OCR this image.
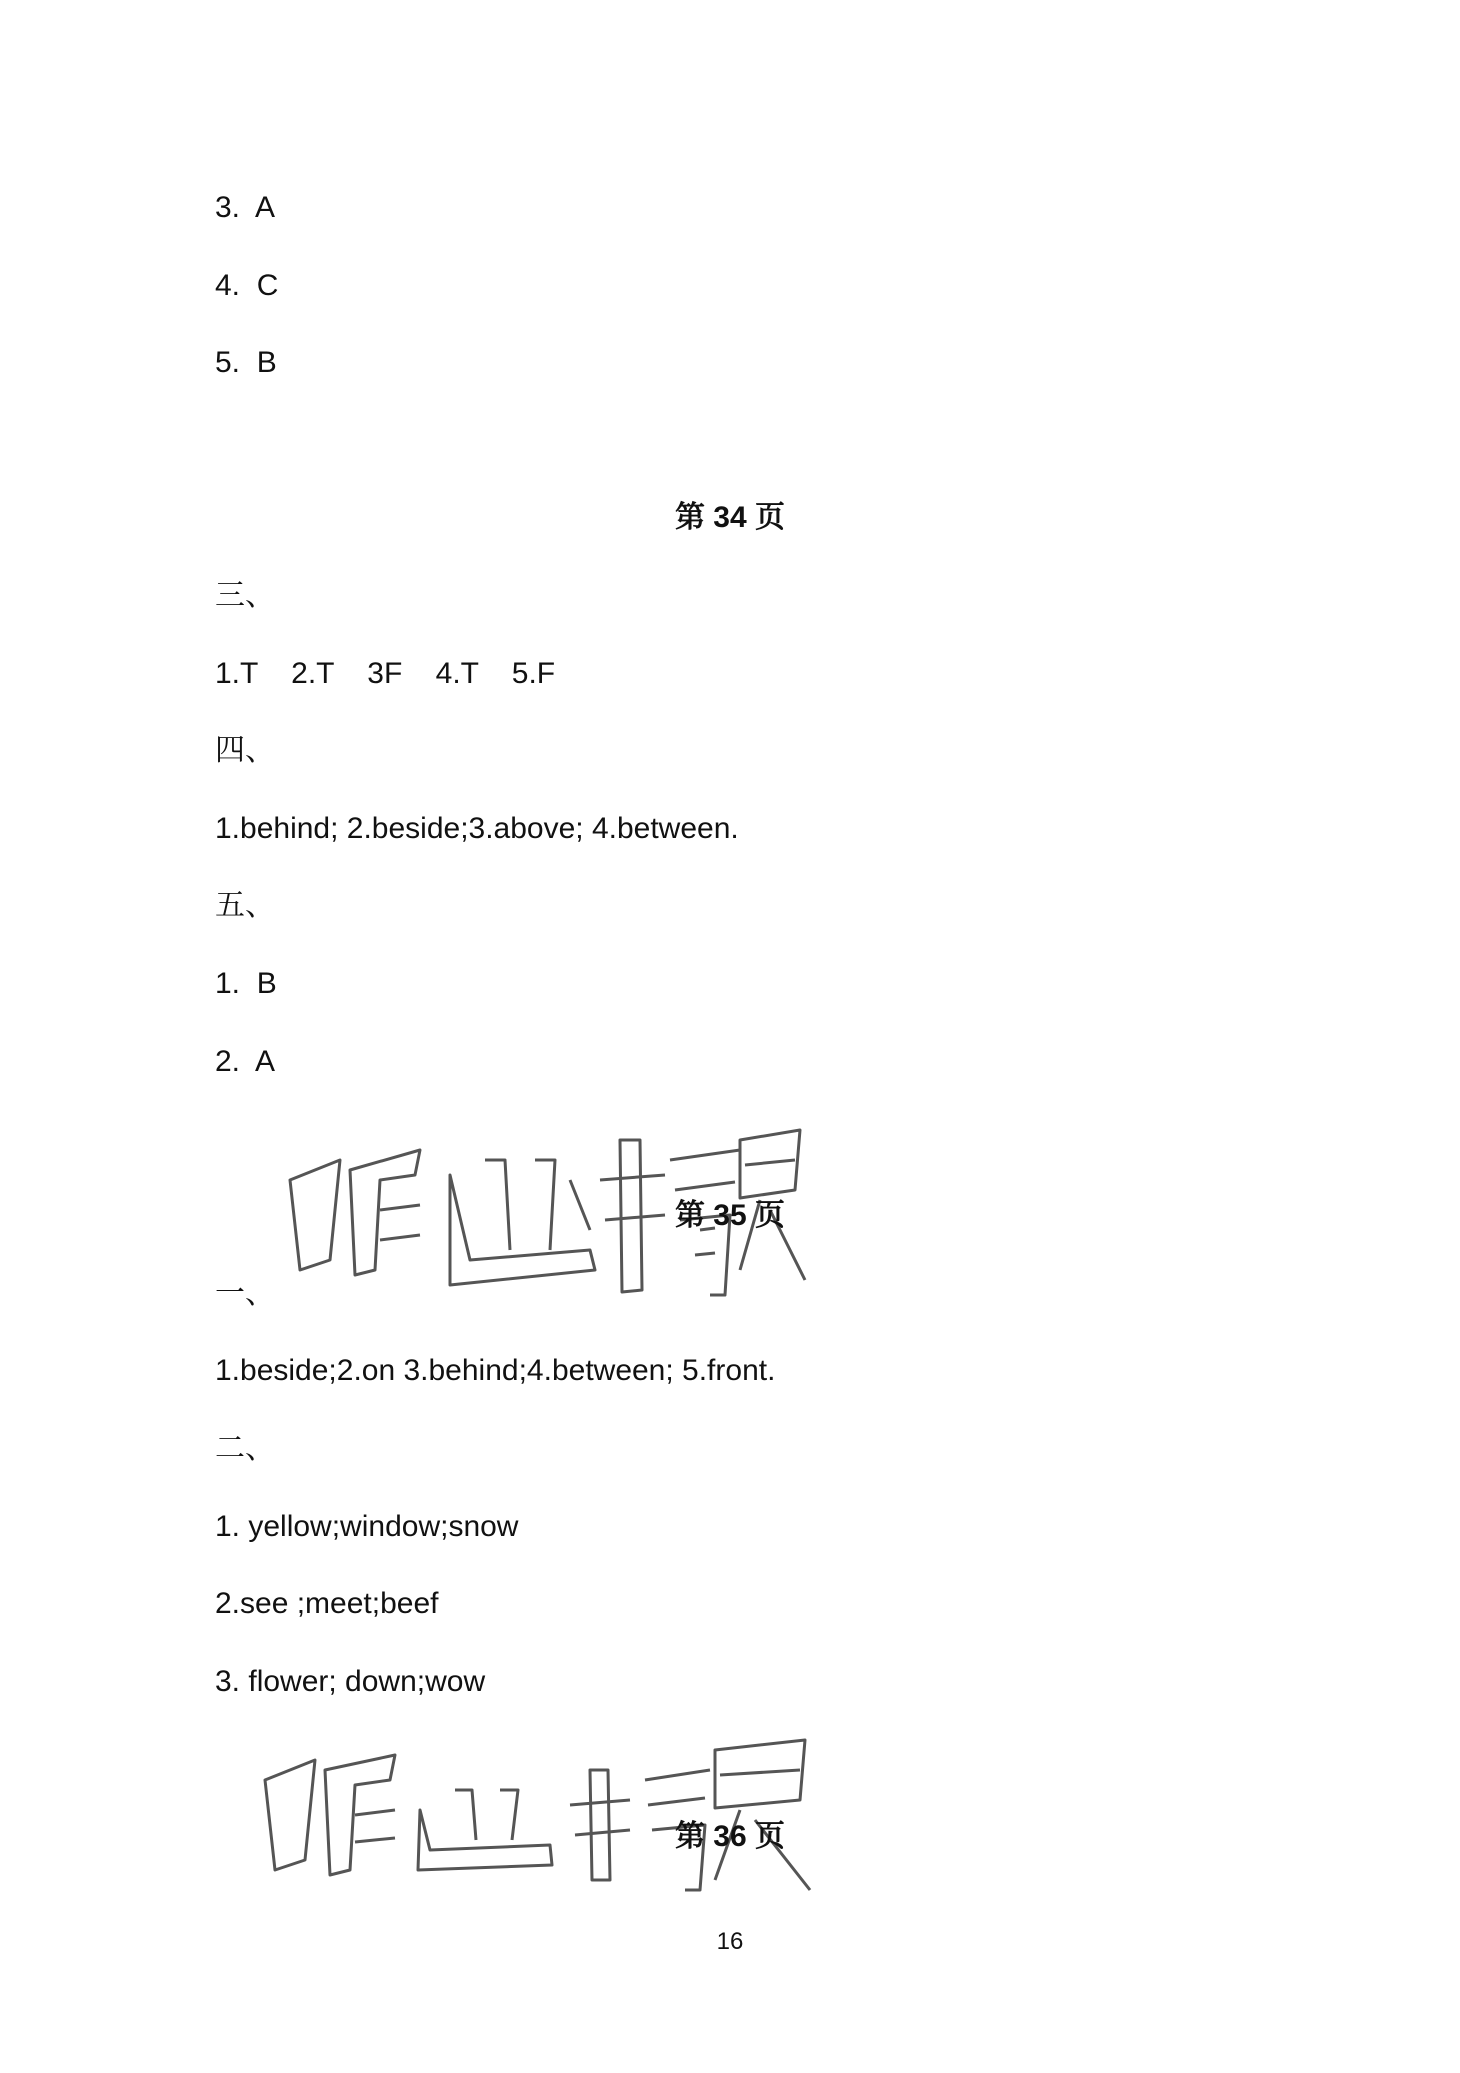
3.  A
4.  C
5.  B
第 34 页
三、
1.T    2.T    3F    4.T    5.F
四、
1.behind; 2.beside;3.above; 4.between.
五、
1.  B
2.  A
第 35 页
一、
1.beside;2.on 3.behind;4.between; 5.front.
二、
1. yellow;window;snow
2.see ;meet;beef
3. flower; down;wow
第 36 页
16
